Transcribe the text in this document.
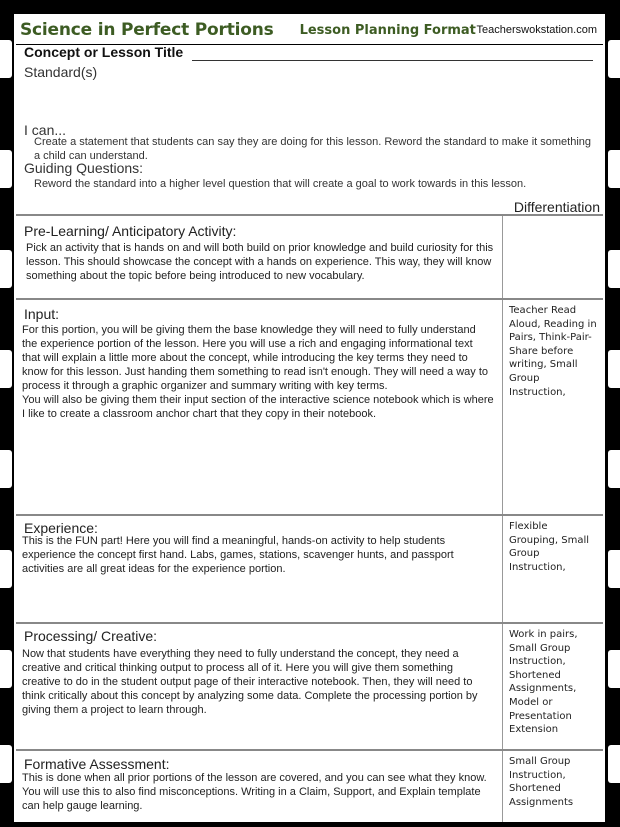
Science in Perfect Portions Lesson Planning Format Teacherswokstation.com
Concept or Lesson Title
Standard(s)
I can...
Create a statement that students can say they are doing for this lesson. Reword the standard to make it something a child can understand.
Guiding Questions:
Reword the standard into a higher level question that will create a goal to work towards in this lesson.
Differentiation
Pre-Learning/ Anticipatory Activity:
Pick an activity that is hands on and will both build on prior knowledge and build curiosity for this lesson. This should showcase the concept with a hands on experience. This way, they will know something about the topic before being introduced to new vocabulary.
Input:
For this portion, you will be giving them the base knowledge they will need to fully understand the experience portion of the lesson. Here you will use a rich and engaging informational text that will explain a little more about the concept, while introducing the key terms they need to know for this lesson. Just handing them something to read isn't enough. They will need a way to process it through a graphic organizer and summary writing with key terms.
You will also be giving them their input section of the interactive science notebook which is where I like to create a classroom anchor chart that they copy in their notebook.
Teacher Read Aloud, Reading in Pairs, Think-Pair- Share before writing, Small Group Instruction,
Experience:
This is the FUN part! Here you will find a meaningful, hands-on activity to help students experience the concept first hand. Labs, games, stations, scavenger hunts, and passport activities are all great ideas for the experience portion.
Flexible Grouping, Small Group Instruction,
Processing/ Creative:
Now that students have everything they need to fully understand the concept, they need a creative and critical thinking output to process all of it. Here you will give them something creative to do in the student output page of their interactive notebook. Then, they will need to think critically about this concept by analyzing some data. Complete the processing portion by giving them a project to learn through.
Work in pairs, Small Group Instruction, Shortened Assignments, Model or Presentation Extension
Formative Assessment:
This is done when all prior portions of the lesson are covered, and you can see what they know. You will use this to also find misconceptions. Writing in a Claim, Support, and Explain template can help gauge learning.
Small Group Instruction, Shortened Assignments
